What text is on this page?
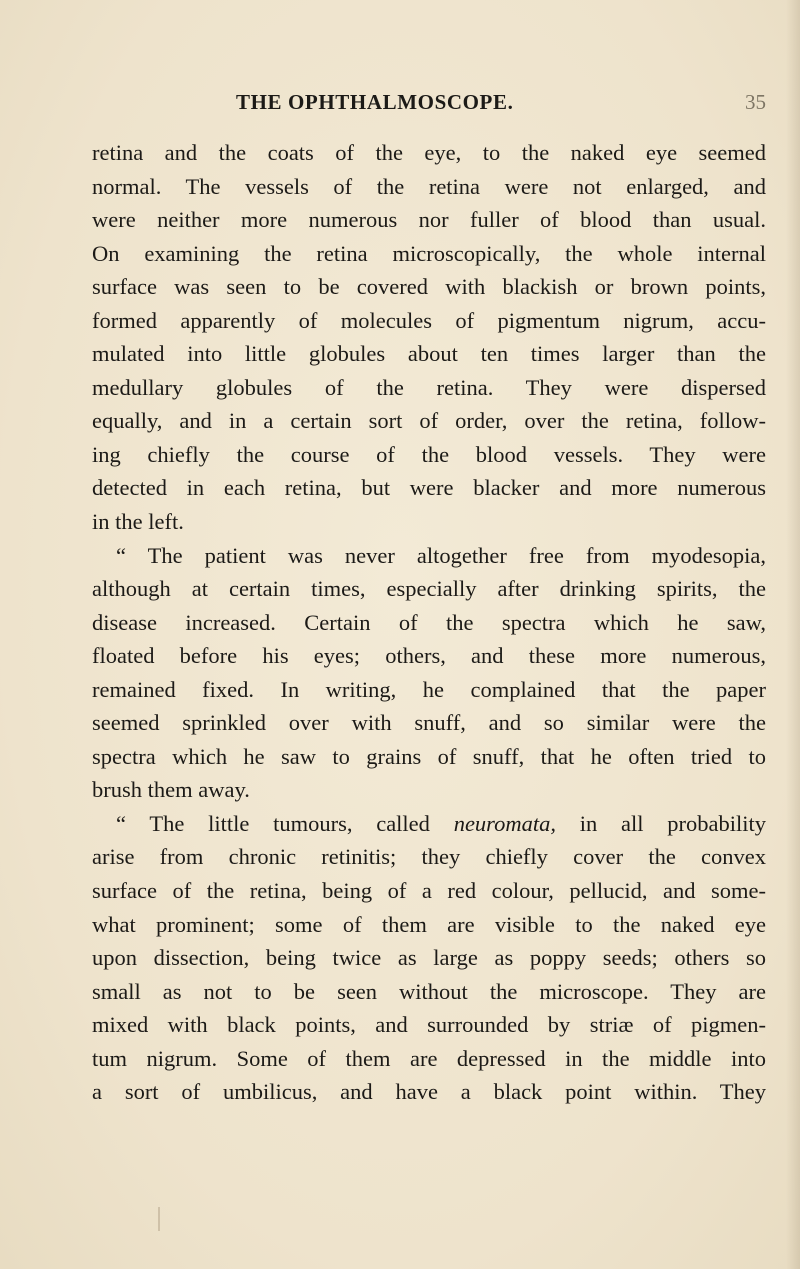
THE OPHTHALMOSCOPE.	35
retina and the coats of the eye, to the naked eye seemed
normal. The vessels of the retina were not enlarged, and
were neither more numerous nor fuller of blood than usual.
On examining the retina microscopically, the whole internal
surface was seen to be covered with blackish or brown points,
formed apparently of molecules of pigmentum nigrum, accu-
mulated into little globules about ten times larger than the
medullary globules of the retina. They were dispersed
equally, and in a certain sort of order, over the retina, follow-
ing chiefly the course of the blood vessels. They were
detected in each retina, but were blacker and more numerous
in the left.
“ The patient was never altogether free from myodesopia,
although at certain times, especially after drinking spirits, the
disease increased. Certain of the spectra which he saw,
floated before his eyes; others, and these more numerous,
remained fixed. In writing, he complained that the paper
seemed sprinkled over with snuff, and so similar were the
spectra which he saw to grains of snuff, that he often tried to
brush them away.
“ The little tumours, called neuromata, in all probability
arise from chronic retinitis; they chiefly cover the convex
surface of the retina, being of a red colour, pellucid, and some-
what prominent; some of them are visible to the naked eye
upon dissection, being twice as large as poppy seeds; others so
small as not to be seen without the microscope. They are
mixed with black points, and surrounded by striæ of pigmen-
tum nigrum. Some of them are depressed in the middle into
a sort of umbilicus, and have a black point within. They
